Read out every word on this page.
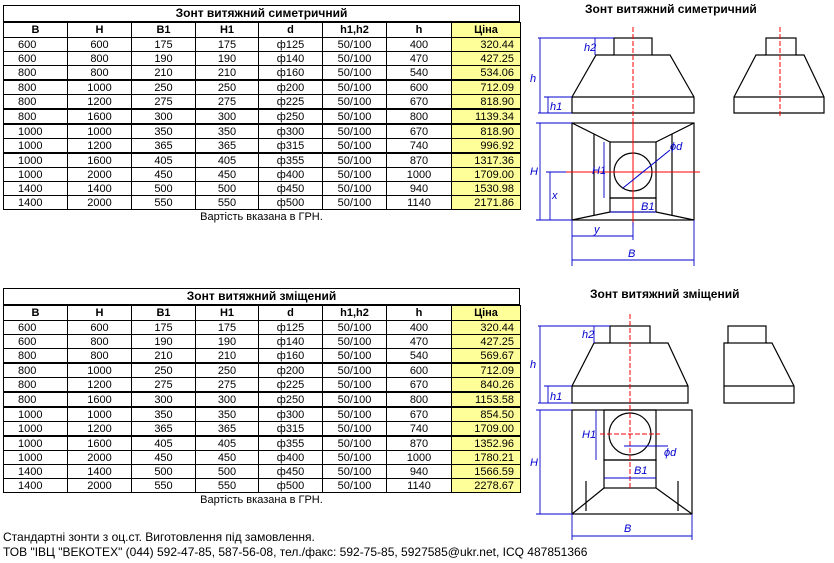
Зонт витяжний симетричний
B	H	B1	H1	d	h1,h2	h	Ціна
600	600	175	175	ф125	50/100	400	320.44
600	800	190	190	ф140	50/100	470	427.25
800	800	210	210	ф160	50/100	540	534.06
800	1000	250	250	ф200	50/100	600	712.09
800	1200	275	275	ф225	50/100	670	818.90
800	1600	300	300	ф250	50/100	800	1139.34
1000	1000	350	350	ф300	50/100	670	818.90
1000	1200	365	365	ф315	50/100	740	996.92
1000	1600	405	405	ф355	50/100	870	1317.36
1000	2000	450	450	ф400	50/100	1000	1709.00
1400	1400	500	500	ф450	50/100	940	1530.98
1400	2000	550	550	ф500	50/100	1140	2171.86
Вартість вказана в ГРН.
Зонт витяжний зміщений
B	H	B1	H1	d	h1,h2	h	Ціна
600	600	175	175	ф125	50/100	400	320.44
600	800	190	190	ф140	50/100	470	427.25
800	800	210	210	ф160	50/100	540	569.67
800	1000	250	250	ф200	50/100	600	712.09
800	1200	275	275	ф225	50/100	670	840.26
800	1600	300	300	ф250	50/100	800	1153.58
1000	1000	350	350	ф300	50/100	670	854.50
1000	1200	365	365	ф315	50/100	740	1709.00
1000	1600	405	405	ф355	50/100	870	1352.96
1000	2000	450	450	ф400	50/100	1000	1780.21
1400	1400	500	500	ф450	50/100	940	1566.59
1400	2000	550	550	ф500	50/100	1140	2278.67
Вартість вказана в ГРН.
Зонт витяжний симетричний
Зонт витяжний зміщений
h
h2
h1
H
x
H1
ϕd
B1
y
B
h
h2
h1
H
H1
ϕd
B1
B
Стандартні зонти з оц.ст. Виготовлення під замовлення.
ТОВ "ІВЦ "ВЕКОТЕХ" (044) 592-47-85, 587-56-08, тел./факс: 592-75-85, 5927585@ukr.net, ICQ 487851366
